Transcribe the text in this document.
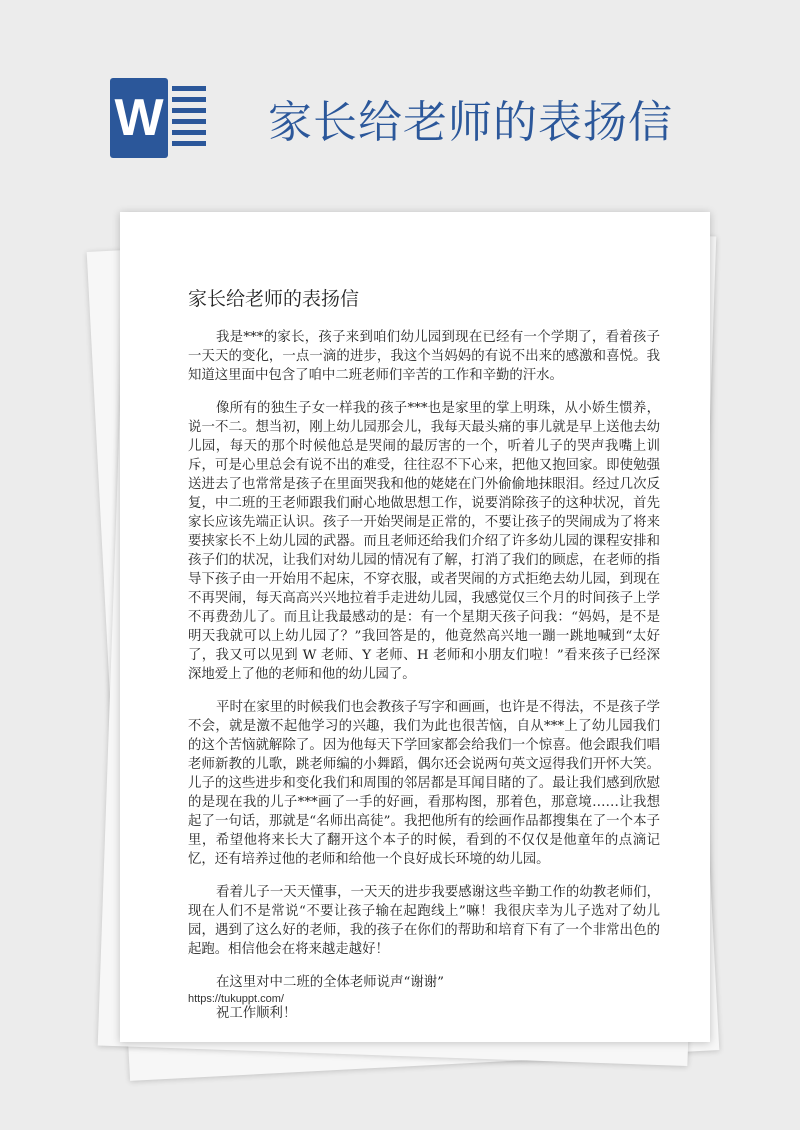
W 家长给老师的表扬信
家长给老师的表扬信

我是***的家长，孩子来到咱们幼儿园到现在已经有一个学期了，看着孩子一天天的变化，一点一滴的进步，我这个当妈妈的有说不出来的感激和喜悦。我知道这里面中包含了咱中二班老师们辛苦的工作和辛勤的汗水。

像所有的独生子女一样我的孩子***也是家里的掌上明珠，从小娇生惯养，说一不二。想当初，刚上幼儿园那会儿，我每天最头痛的事儿就是早上送他去幼儿园，每天的那个时候他总是哭闹的最厉害的一个，听着儿子的哭声我嘴上训斥，可是心里总会有说不出的难受，往往忍不下心来，把他又抱回家。即使勉强送进去了也常常是孩子在里面哭我和他的姥姥在门外偷偷地抹眼泪。经过几次反复，中二班的王老师跟我们耐心地做思想工作，说要消除孩子的这种状况，首先家长应该先端正认识。孩子一开始哭闹是正常的，不要让孩子的哭闹成为了将来要挟家长不上幼儿园的武器。而且老师还给我们介绍了许多幼儿园的课程安排和孩子们的状况，让我们对幼儿园的情况有了解，打消了我们的顾虑，在老师的指导下孩子由一开始用不起床，不穿衣服，或者哭闹的方式拒绝去幼儿园，到现在不再哭闹，每天高高兴兴地拉着手走进幼儿园，我感觉仅三个月的时间孩子上学不再费劲儿了。而且让我最感动的是：有一个星期天孩子问我：“妈妈，是不是明天我就可以上幼儿园了？”我回答是的，他竟然高兴地一蹦一跳地喊到“太好了，我又可以见到 W 老师、Y 老师、H 老师和小朋友们啦！”看来孩子已经深深地爱上了他的老师和他的幼儿园了。

平时在家里的时候我们也会教孩子写字和画画，也许是不得法，不是孩子学不会，就是激不起他学习的兴趣，我们为此也很苦恼，自从***上了幼儿园我们的这个苦恼就解除了。因为他每天下学回家都会给我们一个惊喜。他会跟我们唱老师新教的儿歌，跳老师编的小舞蹈，偶尔还会说两句英文逗得我们开怀大笑。儿子的这些进步和变化我们和周围的邻居都是耳闻目睹的了。最让我们感到欣慰的是现在我的儿子***画了一手的好画，看那构图，那着色，那意境……让我想起了一句话，那就是“名师出高徒”。我把他所有的绘画作品都搜集在了一个本子里，希望他将来长大了翻开这个本子的时候，看到的不仅仅是他童年的点滴记忆，还有培养过他的老师和给他一个良好成长环境的幼儿园。

看着儿子一天天懂事，一天天的进步我要感谢这些辛勤工作的幼教老师们，现在人们不是常说“不要让孩子输在起跑线上”嘛！我很庆幸为儿子选对了幼儿园，遇到了这么好的老师，我的孩子在你们的帮助和培育下有了一个非常出色的起跑。相信他会在将来越走越好！

在这里对中二班的全体老师说声“谢谢”

祝工作顺利！

https://tukuppt.com/
